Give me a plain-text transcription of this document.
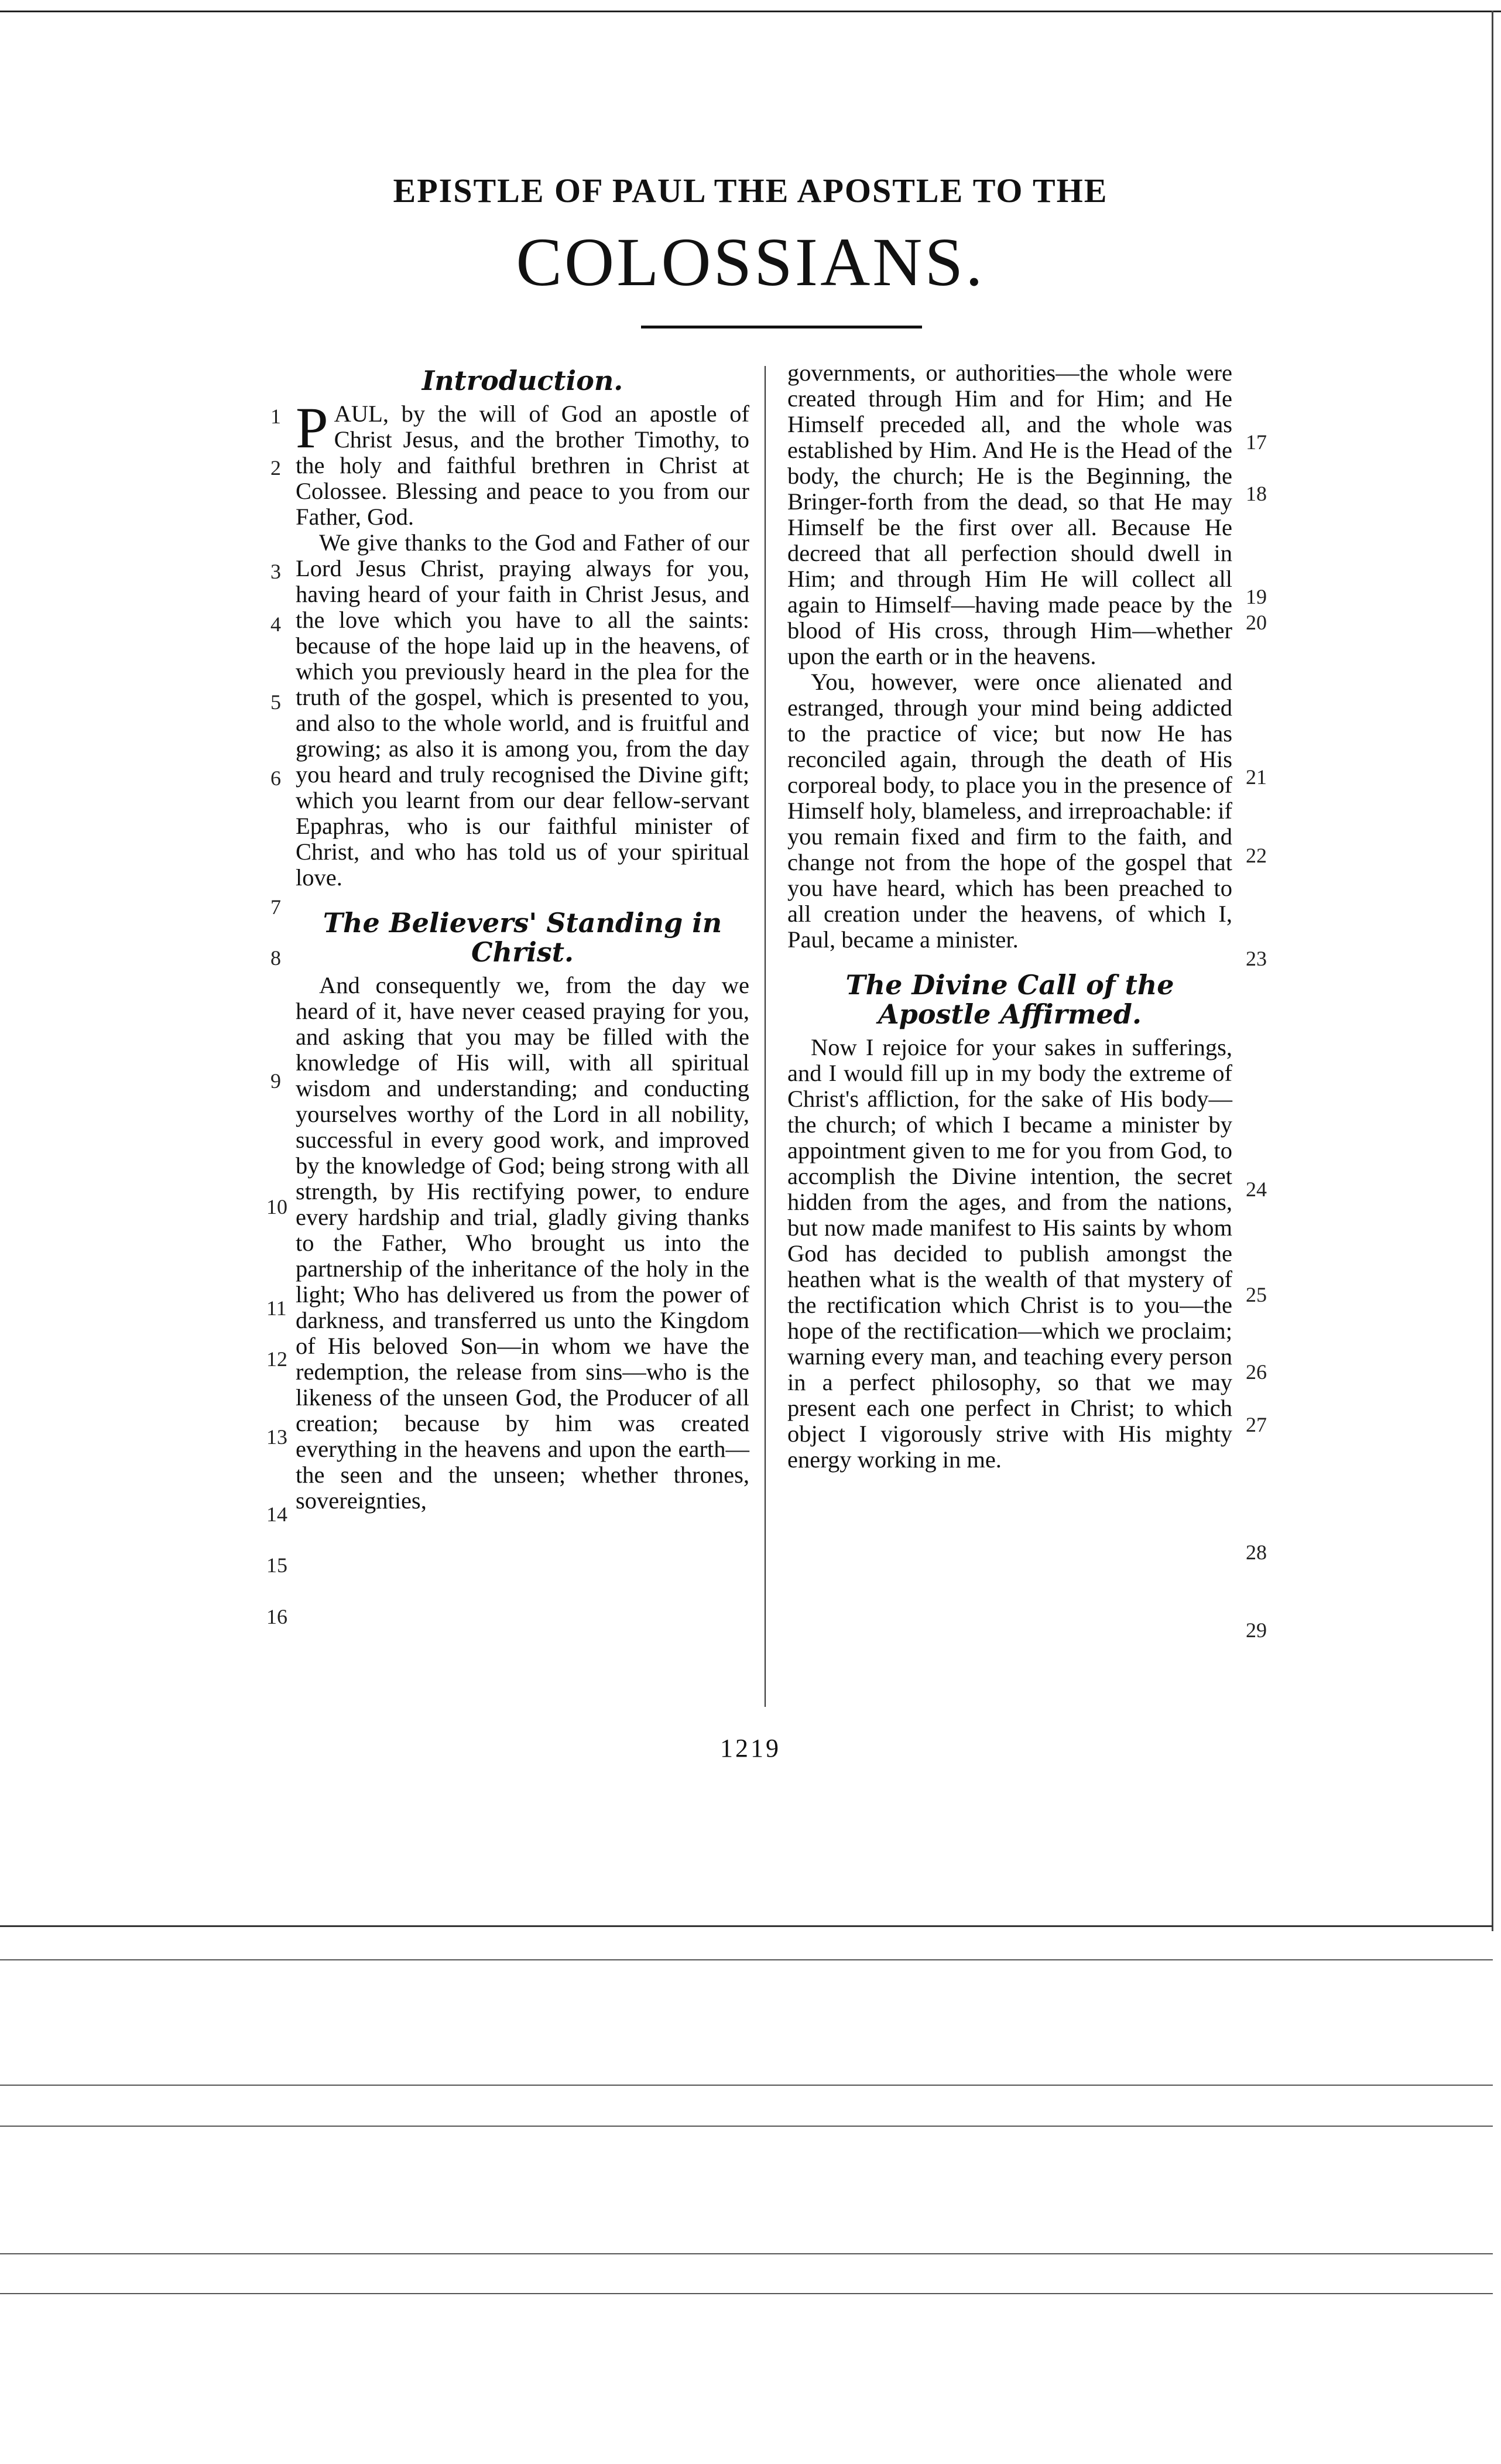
EPISTLE OF PAUL THE APOSTLE TO THE
COLOSSIANS.
1
2
3
4
5
6
7
8
9
10
11
12
13
14
15
16
17
18
19
20
21
22
23
24
25
26
27
28
29
Introduction.

PAUL, by the will of God an apostle of Christ Jesus, and the brother Timothy, to the holy and faithful brethren in Christ at Colossee. Blessing and peace to you from our Father, God.

We give thanks to the God and Father of our Lord Jesus Christ, praying always for you, having heard of your faith in Christ Jesus, and the love which you have to all the saints: because of the hope laid up in the heavens, of which you previously heard in the plea for the truth of the gospel, which is presented to you, and also to the whole world, and is fruitful and growing; as also it is among you, from the day you heard and truly recognised the Divine gift; which you learnt from our dear fellow-servant Epaphras, who is our faithful minister of Christ, and who has told us of your spiritual love.

The Believers' Standing in Christ.

And consequently we, from the day we heard of it, have never ceased praying for you, and asking that you may be filled with the knowledge of His will, with all spiritual wisdom and understanding; and conducting yourselves worthy of the Lord in all nobility, successful in every good work, and improved by the knowledge of God; being strong with all strength, by His rectifying power, to endure every hardship and trial, gladly giving thanks to the Father, Who brought us into the partnership of the inheritance of the holy in the light; Who has delivered us from the power of darkness, and transferred us unto the Kingdom of His beloved Son—in whom we have the redemption, the release from sins—who is the likeness of the unseen God, the Producer of all creation; because by him was created everything in the heavens and upon the earth—the seen and the unseen; whether thrones, sovereignties,

governments, or authorities—the whole were created through Him and for Him; and He Himself preceded all, and the whole was established by Him. And He is the Head of the body, the church; He is the Beginning, the Bringer-forth from the dead, so that He may Himself be the first over all. Because He decreed that all perfection should dwell in Him; and through Him He will collect all again to Himself—having made peace by the blood of His cross, through Him—whether upon the earth or in the heavens.

You, however, were once alienated and estranged, through your mind being addicted to the practice of vice; but now He has reconciled again, through the death of His corporeal body, to place you in the presence of Himself holy, blameless, and irreproachable: if you remain fixed and firm to the faith, and change not from the hope of the gospel that you have heard, which has been preached to all creation under the heavens, of which I, Paul, became a minister.

The Divine Call of the Apostle Affirmed.

Now I rejoice for your sakes in sufferings, and I would fill up in my body the extreme of Christ's affliction, for the sake of His body—the church; of which I became a minister by appointment given to me for you from God, to accomplish the Divine intention, the secret hidden from the ages, and from the nations, but now made manifest to His saints by whom God has decided to publish amongst the heathen what is the wealth of that mystery of the rectification which Christ is to you—the hope of the rectification—which we proclaim; warning every man, and teaching every person in a perfect philosophy, so that we may present each one perfect in Christ; to which object I vigorously strive with His mighty energy working in me.

1219
